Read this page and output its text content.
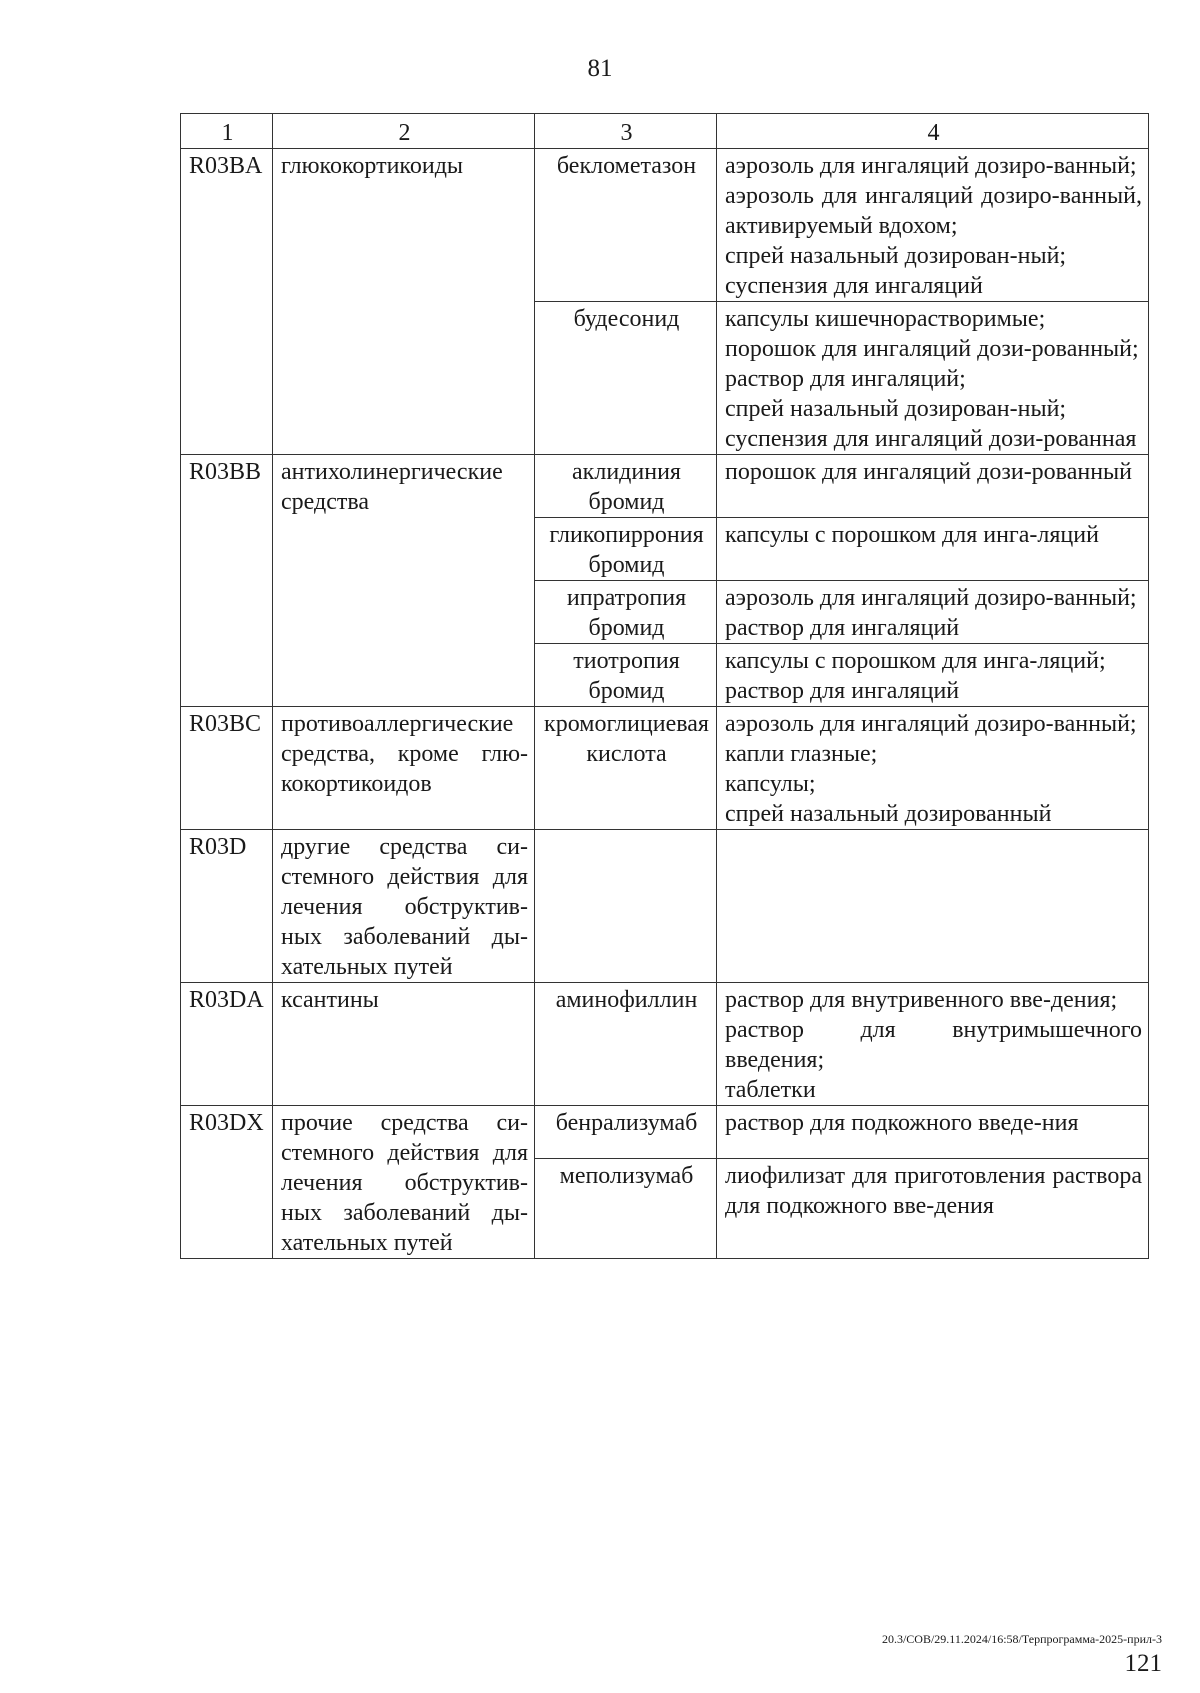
81
1	2	3	4
R03BA	глюкокортикоиды	беклометазон	аэрозоль для ингаляций дозиро-ванный;
аэрозоль для ингаляций дозиро-ванный, активируемый вдохом;
спрей назальный дозирован-ный;
суспензия для ингаляций

		будесонид	капсулы кишечнорастворимые;
порошок для ингаляций дози-рованный;
раствор для ингаляций;
спрей назальный дозирован-ный;
суспензия для ингаляций дози-рованная

R03BB	антихолинергические средства	аклидиния бромид	порошок для ингаляций дози-рованный

		гликопиррония бромид	капсулы с порошком для инга-ляций

		ипратропия бромид	аэрозоль для ингаляций дозиро-ванный;
раствор для ингаляций

		тиотропия бромид	капсулы с порошком для инга-ляций;
раствор для ингаляций

R03BC	противоаллергические средства, кроме глю-кокортикоидов	кромоглициевая кислота	аэрозоль для ингаляций дозиро-ванный;
капли глазные;
капсулы;
спрей назальный дозированный

R03D	другие средства си-стемного действия для лечения обструктив-ных заболеваний ды-хательных путей		
R03DA	ксантины	аминофиллин	раствор для внутривенного вве-дения;
раствор для внутримышечного введения;
таблетки

R03DX	прочие средства си-стемного действия для лечения обструктив-ных заболеваний ды-хательных путей	бенрализумаб	раствор для подкожного введе-ния

		меполизумаб	лиофилизат для приготовления раствора для подкожного вве-дения
20.3/СОВ/29.11.2024/16:58/Терпрограмма-2025-прил-3
121
